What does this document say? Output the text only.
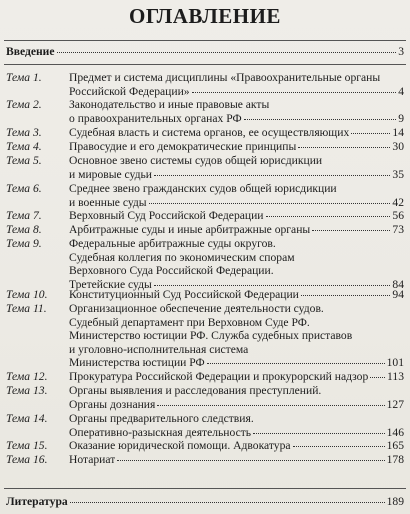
ОГЛАВЛЕНИЕ
Введение	3
Тема 1. Предмет и система дисциплины «Правоохранительные органы
Российской Федерации»	4
Тема 2. Законодательство и иные правовые акты
о правоохранительных органах РФ	9
Тема 3. Судебная власть и система органов, ее осуществляющих	14
Тема 4. Правосудие и его демократические принципы	30
Тема 5. Основное звено системы судов общей юрисдикции
и мировые судьи	35
Тема 6. Среднее звено гражданских судов общей юрисдикции
и военные суды	42
Тема 7. Верховный Суд Российской Федерации	56
Тема 8. Арбитражные суды и иные арбитражные органы	73
Тема 9. Федеральные арбитражные суды округов.
Судебная коллегия по экономическим спорам
Верховного Суда Российской Федерации.
Третейские суды	84
Тема 10. Конституционный Суд Российской Федерации	94
Тема 11. Организационное обеспечение деятельности судов.
Судебный департамент при Верховном Суде РФ.
Министерство юстиции РФ. Служба судебных приставов
и уголовно-исполнительная система
Министерства юстиции РФ	101
Тема 12. Прокуратура Российской Федерации и прокурорский надзор 113
Тема 13. Органы выявления и расследования преступлений.
Органы дознания	127
Тема 14. Органы предварительного следствия.
Оперативно-разыскная деятельность	146
Тема 15. Оказание юридической помощи. Адвокатура	165
Тема 16. Нотариат	178
Литература	189
